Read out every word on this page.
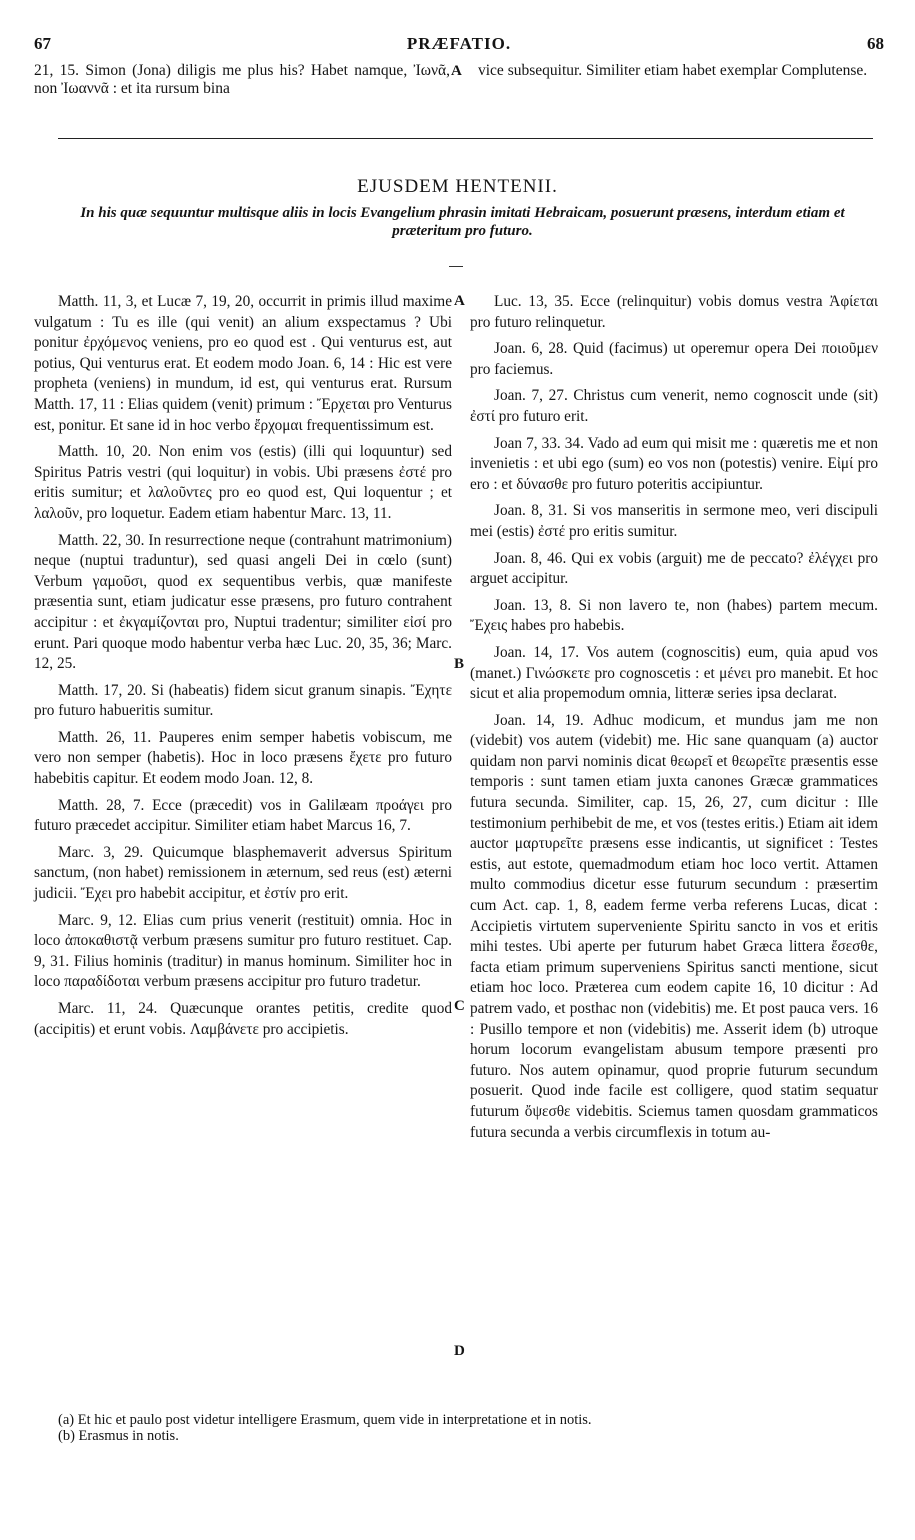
67	PRÆFATIO.	68
21, 15. Simon (Jona) diligis me plus his? Habet namque, Ἰωνᾶ, non Ἰωαννᾶ : et ita rursum bina
vice subsequitur. Similiter etiam habet exemplar Complutense.
A
EJUSDEM HENTENII.
In his quæ sequuntur multisque aliis in locis Evangelium phrasin imitati Hebraicam, posuerunt præsens, interdum etiam et præteritum pro futuro.

Matth. 11, 3, et Lucæ 7, 19, 20, occurrit in primis illud maxime vulgatum : Tu es ille (qui venit) an alium exspectamus ? Ubi ponitur ἐρχόμενος veniens, pro eo quod est . Qui venturus est, aut potius, Qui venturus erat. Et eodem modo Joan. 6, 14 : Hic est vere propheta (veniens) in mundum, id est, qui venturus erat. Rursum Matth. 17, 11 : Elias quidem (venit) primum : Ἔρχεται pro Venturus est, ponitur. Et sane id in hoc verbo ἔρχομαι frequentissimum est.

Matth. 10, 20. Non enim vos (estis) (illi qui loquuntur) sed Spiritus Patris vestri (qui loquitur) in vobis. Ubi præsens ἐστέ pro eritis sumitur; et λαλοῦντες pro eo quod est, Qui loquentur ; et λαλοῦν, pro loquetur. Eadem etiam habentur Marc. 13, 11.

Matth. 22, 30. In resurrectione neque (contrahunt matrimonium) neque (nuptui traduntur), sed quasi angeli Dei in cœlo (sunt) Verbum γαμοῦσι, quod ex sequentibus verbis, quæ manifeste præsentia sunt, etiam judicatur esse præsens, pro futuro contrahent accipitur : et ἐκγαμίζονται pro, Nuptui tradentur; similiter εἰσί pro erunt. Pari quoque modo habentur verba hæc Luc. 20, 35, 36; Marc. 12, 25.

Matth. 17, 20. Si (habeatis) fidem sicut granum sinapis. Ἔχητε pro futuro habueritis sumitur.

Matth. 26, 11. Pauperes enim semper habetis vobiscum, me vero non semper (habetis). Hoc in loco præsens ἔχετε pro futuro habebitis capitur. Et eodem modo Joan. 12, 8.

Matth. 28, 7. Ecce (præcedit) vos in Galilæam προάγει pro futuro præcedet accipitur. Similiter etiam habet Marcus 16, 7.

Marc. 3, 29. Quicumque blasphemaverit adversus Spiritum sanctum, (non habet) remissionem in æternum, sed reus (est) æterni judicii. Ἔχει pro habebit accipitur, et ἐστίν pro erit.

Marc. 9, 12. Elias cum prius venerit (restituit) omnia. Hoc in loco ἀποκαθιστᾷ verbum præsens sumitur pro futuro restituet. Cap. 9, 31. Filius hominis (traditur) in manus hominum. Similiter hoc in loco παραδίδοται verbum præsens accipitur pro futuro tradetur.

Marc. 11, 24. Quæcunque orantes petitis, credite quod (accipitis) et erunt vobis. Λαμβάνετε pro accipietis.

A
B
C
D

Luc. 13, 35. Ecce (relinquitur) vobis domus vestra Ἀφίεται pro futuro relinquetur.

Joan. 6, 28. Quid (facimus) ut operemur opera Dei ποιοῦμεν pro faciemus.

Joan. 7, 27. Christus cum venerit, nemo cognoscit unde (sit) ἐστί pro futuro erit.

Joan 7, 33. 34. Vado ad eum qui misit me : quæretis me et non invenietis : et ubi ego (sum) eo vos non (potestis) venire. Εἰμί pro ero : et δύνασθε pro futuro poteritis accipiuntur.

Joan. 8, 31. Si vos manseritis in sermone meo, veri discipuli mei (estis) ἐστέ pro eritis sumitur.

Joan. 8, 46. Qui ex vobis (arguit) me de peccato? ἐλέγχει pro arguet accipitur.

Joan. 13, 8. Si non lavero te, non (habes) partem mecum. Ἔχεις habes pro habebis.

Joan. 14, 17. Vos autem (cognoscitis) eum, quia apud vos (manet.) Γινώσκετε pro cognoscetis : et μένει pro manebit. Et hoc sicut et alia propemodum omnia, litteræ series ipsa declarat.

Joan. 14, 19. Adhuc modicum, et mundus jam me non (videbit) vos autem (videbit) me. Hic sane quanquam (a) auctor quidam non parvi nominis dicat θεωρεῖ et θεωρεῖτε præsentis esse temporis : sunt tamen etiam juxta canones Græcæ grammatices futura secunda. Similiter, cap. 15, 26, 27, cum dicitur : Ille testimonium perhibebit de me, et vos (testes eritis.) Etiam ait idem auctor μαρτυρεῖτε præsens esse indicantis, ut significet : Testes estis, aut estote, quemadmodum etiam hoc loco vertit. Attamen multo commodius dicetur esse futurum secundum : præsertim cum Act. cap. 1, 8, eadem ferme verba referens Lucas, dicat : Accipietis virtutem superveniente Spiritu sancto in vos et eritis mihi testes. Ubi aperte per futurum habet Græca littera ἔσεσθε, facta etiam primum superveniens Spiritus sancti mentione, sicut etiam hoc loco. Præterea cum eodem capite 16, 10 dicitur : Ad patrem vado, et posthac non (videbitis) me. Et post pauca vers. 16 : Pusillo tempore et non (videbitis) me. Asserit idem (b) utroque horum locorum evangelistam abusum tempore præsenti pro futuro. Nos autem opinamur, quod proprie futurum secundum posuerit. Quod inde facile est colligere, quod statim sequatur futurum ὄψεσθε videbitis. Sciemus tamen quosdam grammaticos futura secunda a verbis circumflexis in totum au-

(a) Et hic et paulo post videtur intelligere Erasmum, quem vide in interpretatione et in notis.
(b) Erasmus in notis.
